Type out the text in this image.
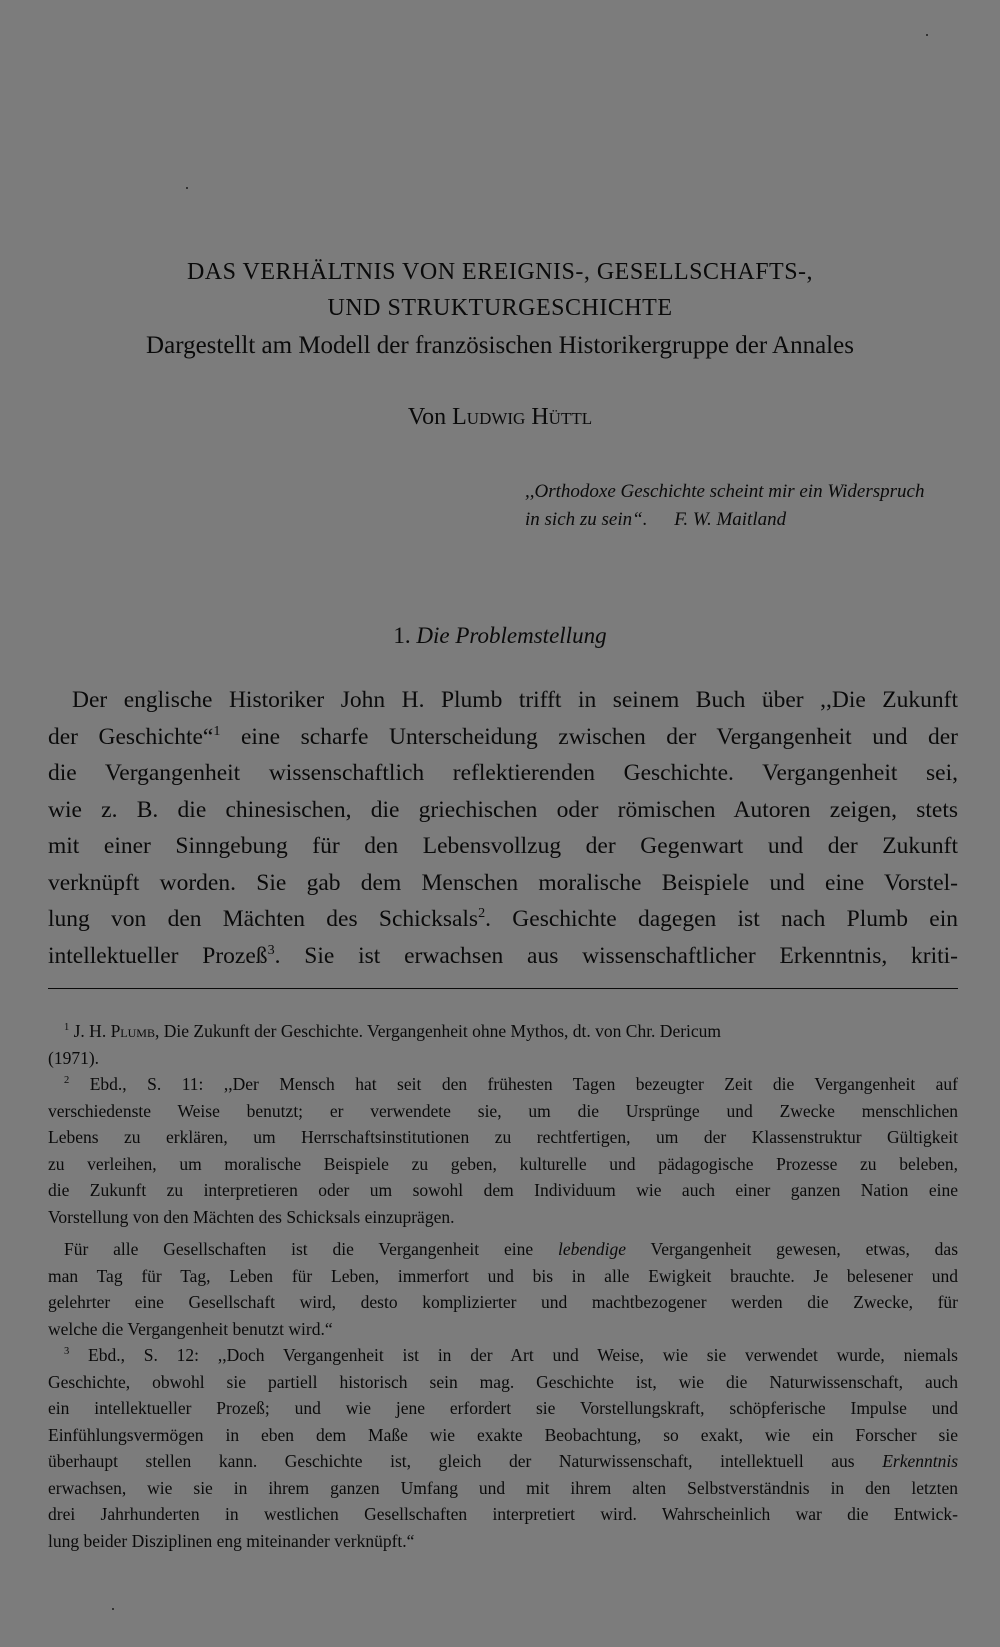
DAS VERHÄLTNIS VON EREIGNIS-, GESELLSCHAFTS-,
UND STRUKTURGESCHICHTE
Dargestellt am Modell der französischen Historikergruppe der Annales
Von Ludwig Hüttl
,,Orthodoxe Geschichte scheint mir ein Widerspruch
in sich zu sein“. F. W. Maitland
1. Die Problemstellung
Der englische Historiker John H. Plumb trifft in seinem Buch über ,,Die Zukunft
der Geschichte“$^1$ eine scharfe Unterscheidung zwischen der Vergangenheit und der
die Vergangenheit wissenschaftlich reflektierenden Geschichte. Vergangenheit sei,
wie z. B. die chinesischen, die griechischen oder römischen Autoren zeigen, stets
mit einer Sinngebung für den Lebensvollzug der Gegenwart und der Zukunft
verknüpft worden. Sie gab dem Menschen moralische Beispiele und eine Vorstel-
lung von den Mächten des Schicksals$^2$. Geschichte dagegen ist nach Plumb ein
intellektueller Prozeß$^3$. Sie ist erwachsen aus wissenschaftlicher Erkenntnis, kriti-
$^1$ J. H. Plumb, Die Zukunft der Geschichte. Vergangenheit ohne Mythos, dt. von Chr. Dericum
(1971).
$^2$ Ebd., S. 11: ,,Der Mensch hat seit den frühesten Tagen bezeugter Zeit die Vergangenheit auf
verschiedenste Weise benutzt; er verwendete sie, um die Ursprünge und Zwecke menschlichen
Lebens zu erklären, um Herrschaftsinstitutionen zu rechtfertigen, um der Klassenstruktur Gültigkeit
zu verleihen, um moralische Beispiele zu geben, kulturelle und pädagogische Prozesse zu beleben,
die Zukunft zu interpretieren oder um sowohl dem Individuum wie auch einer ganzen Nation eine
Vorstellung von den Mächten des Schicksals einzuprägen.
Für alle Gesellschaften ist die Vergangenheit eine lebendige Vergangenheit gewesen, etwas, das
man Tag für Tag, Leben für Leben, immerfort und bis in alle Ewigkeit brauchte. Je belesener und
gelehrter eine Gesellschaft wird, desto komplizierter und machtbezogener werden die Zwecke, für
welche die Vergangenheit benutzt wird.“
$^3$ Ebd., S. 12: ,,Doch Vergangenheit ist in der Art und Weise, wie sie verwendet wurde, niemals
Geschichte, obwohl sie partiell historisch sein mag. Geschichte ist, wie die Naturwissenschaft, auch
ein intellektueller Prozeß; und wie jene erfordert sie Vorstellungskraft, schöpferische Impulse und
Einfühlungsvermögen in eben dem Maße wie exakte Beobachtung, so exakt, wie ein Forscher sie
überhaupt stellen kann. Geschichte ist, gleich der Naturwissenschaft, intellektuell aus Erkenntnis
erwachsen, wie sie in ihrem ganzen Umfang und mit ihrem alten Selbstverständnis in den letzten
drei Jahrhunderten in westlichen Gesellschaften interpretiert wird. Wahrscheinlich war die Entwick-
lung beider Disziplinen eng miteinander verknüpft.“
